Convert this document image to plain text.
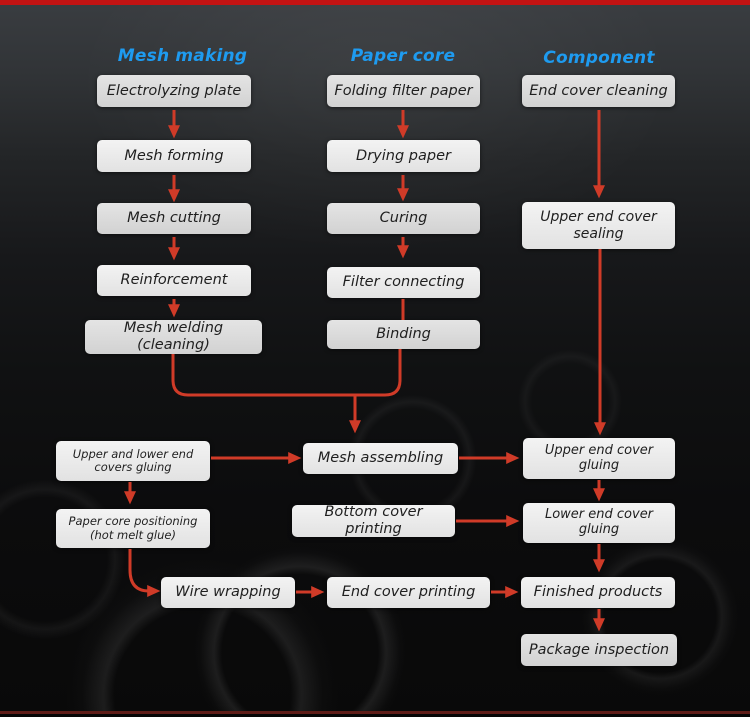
Mesh making	Paper core	Component
Electrolyzing plate
Mesh forming
Mesh cutting
Reinforcement
Mesh welding (cleaning)
Folding filter paper
Drying paper
Curing
Filter connecting
Binding
End cover cleaning
Upper end cover sealing
Upper and lower end covers gluing
Paper core positioning (hot melt glue)
Mesh assembling
Bottom cover printing
Upper end cover gluing
Lower end cover gluing
Wire wrapping	End cover printing	Finished products
Package inspection
